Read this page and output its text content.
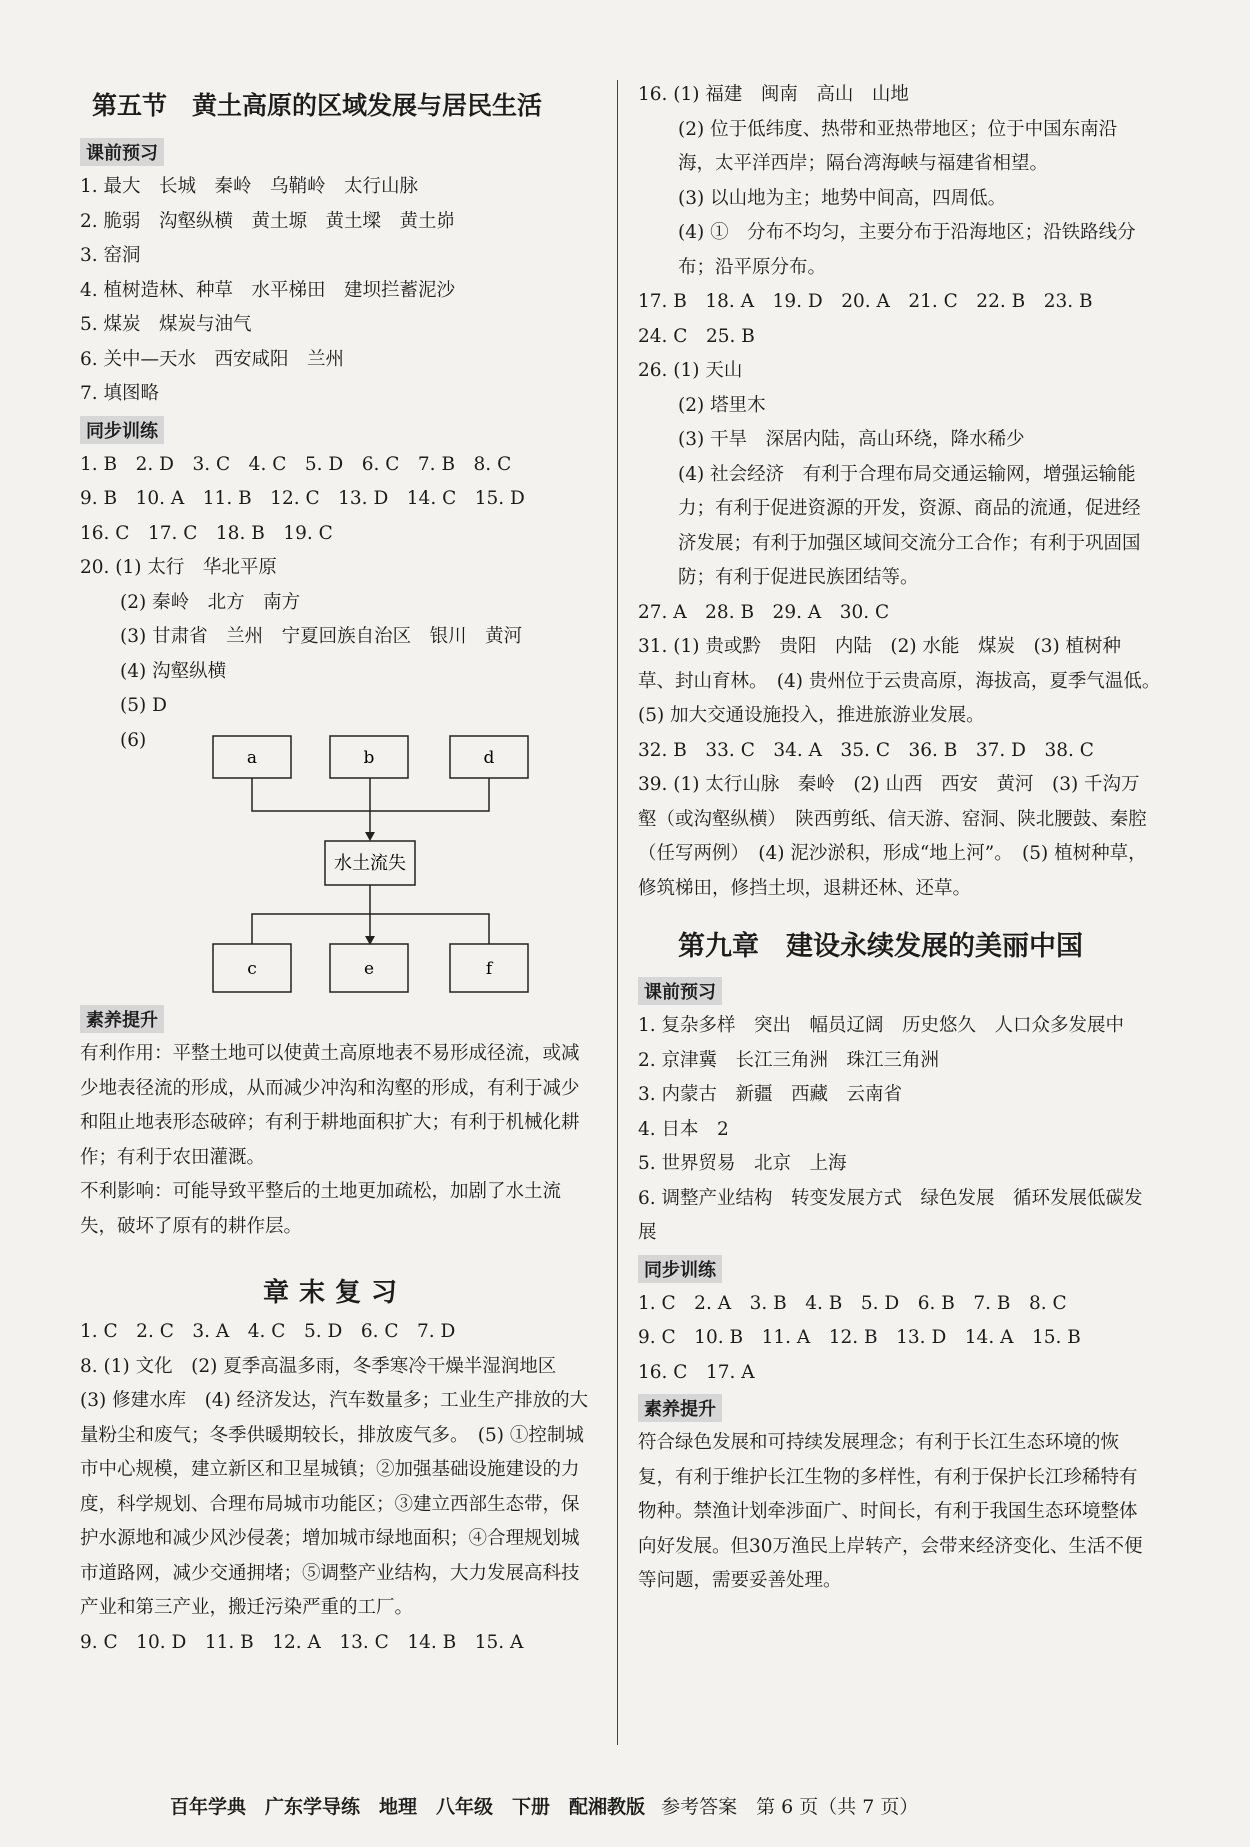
第五节　黄土高原的区域发展与居民生活
课前预习
1. 最大　长城　秦岭　乌鞘岭　太行山脉
2. 脆弱　沟壑纵横　黄土塬　黄土墚　黄土峁
3. 窑洞
4. 植树造林、种草　水平梯田　建坝拦蓄泥沙
5. 煤炭　煤炭与油气
6. 关中—天水　西安咸阳　兰州
7. 填图略
同步训练
1. B　2. D　3. C　4. C　5. D　6. C　7. B　8. C
9. B　10. A　11. B　12. C　13. D　14. C　15. D
16. C　17. C　18. B　19. C
20. (1) 太行　华北平原
(2) 秦岭　北方　南方
(3) 甘肃省　兰州　宁夏回族自治区　银川　黄河
(4) 沟壑纵横
(5) D
(6)
a	b	d
水土流失
c	e	f
素养提升

有利作用：平整土地可以使黄土高原地表不易形成径流，或减少地表径流的形成，从而减少冲沟和沟壑的形成，有利于减少和阻止地表形态破碎；有利于耕地面积扩大；有利于机械化耕作；有利于农田灌溉。

不利影响：可能导致平整后的土地更加疏松，加剧了水土流失，破坏了原有的耕作层。

章末复习
1. C　2. C　3. A　4. C　5. D　6. C　7. D
8. (1) 文化　(2) 夏季高温多雨，冬季寒冷干燥半湿润地区　(3) 修建水库　(4) 经济发达，汽车数量多；工业生产排放的大量粉尘和废气；冬季供暖期较长，排放废气多。　(5) ①控制城市中心规模，建立新区和卫星城镇；②加强基础设施建设的力度，科学规划、合理布局城市功能区；③建立西部生态带，保护水源地和减少风沙侵袭；增加城市绿地面积；④合理规划城市道路网，减少交通拥堵；⑤调整产业结构，大力发展高科技产业和第三产业，搬迁污染严重的工厂。
9. C　10. D　11. B　12. A　13. C　14. B　15. A
16. (1) 福建　闽南　高山　山地
(2) 位于低纬度、热带和亚热带地区；位于中国东南沿海，太平洋西岸；隔台湾海峡与福建省相望。
(3) 以山地为主；地势中间高，四周低。
(4) ①　分布不均匀，主要分布于沿海地区；沿铁路线分布；沿平原分布。
17. B　18. A　19. D　20. A　21. C　22. B　23. B
24. C　25. B
26. (1) 天山
(2) 塔里木
(3) 干旱　深居内陆，高山环绕，降水稀少
(4) 社会经济　有利于合理布局交通运输网，增强运输能力；有利于促进资源的开发，资源、商品的流通，促进经济发展；有利于加强区域间交流分工合作；有利于巩固国防；有利于促进民族团结等。
27. A　28. B　29. A　30. C
31. (1) 贵或黔　贵阳　内陆　(2) 水能　煤炭　(3) 植树种草、封山育林。　(4) 贵州位于云贵高原，海拔高，夏季气温低。　(5) 加大交通设施投入，推进旅游业发展。
32. B　33. C　34. A　35. C　36. B　37. D　38. C
39. (1) 太行山脉　秦岭　(2) 山西　西安　黄河　(3) 千沟万壑（或沟壑纵横）　陕西剪纸、信天游、窑洞、陕北腰鼓、秦腔（任写两例）　(4) 泥沙淤积，形成“地上河”。　(5) 植树种草，修筑梯田，修挡土坝，退耕还林、还草。
第九章　建设永续发展的美丽中国
课前预习
1. 复杂多样　突出　幅员辽阔　历史悠久　人口众多发展中
2. 京津冀　长江三角洲　珠江三角洲
3. 内蒙古　新疆　西藏　云南省
4. 日本　2
5. 世界贸易　北京　上海
6. 调整产业结构　转变发展方式　绿色发展　循环发展低碳发展
同步训练
1. C　2. A　3. B　4. B　5. D　6. B　7. B　8. C
9. C　10. B　11. A　12. B　13. D　14. A　15. B
16. C　17. A
素养提升
符合绿色发展和可持续发展理念；有利于长江生态环境的恢复，有利于维护长江生物的多样性，有利于保护长江珍稀特有物种。禁渔计划牵涉面广、时间长，有利于我国生态环境整体向好发展。但30万渔民上岸转产，会带来经济变化、生活不便等问题，需要妥善处理。
百年学典　广东学导练　地理　八年级　下册　配湘教版 参考答案　第 6 页（共 7 页）
